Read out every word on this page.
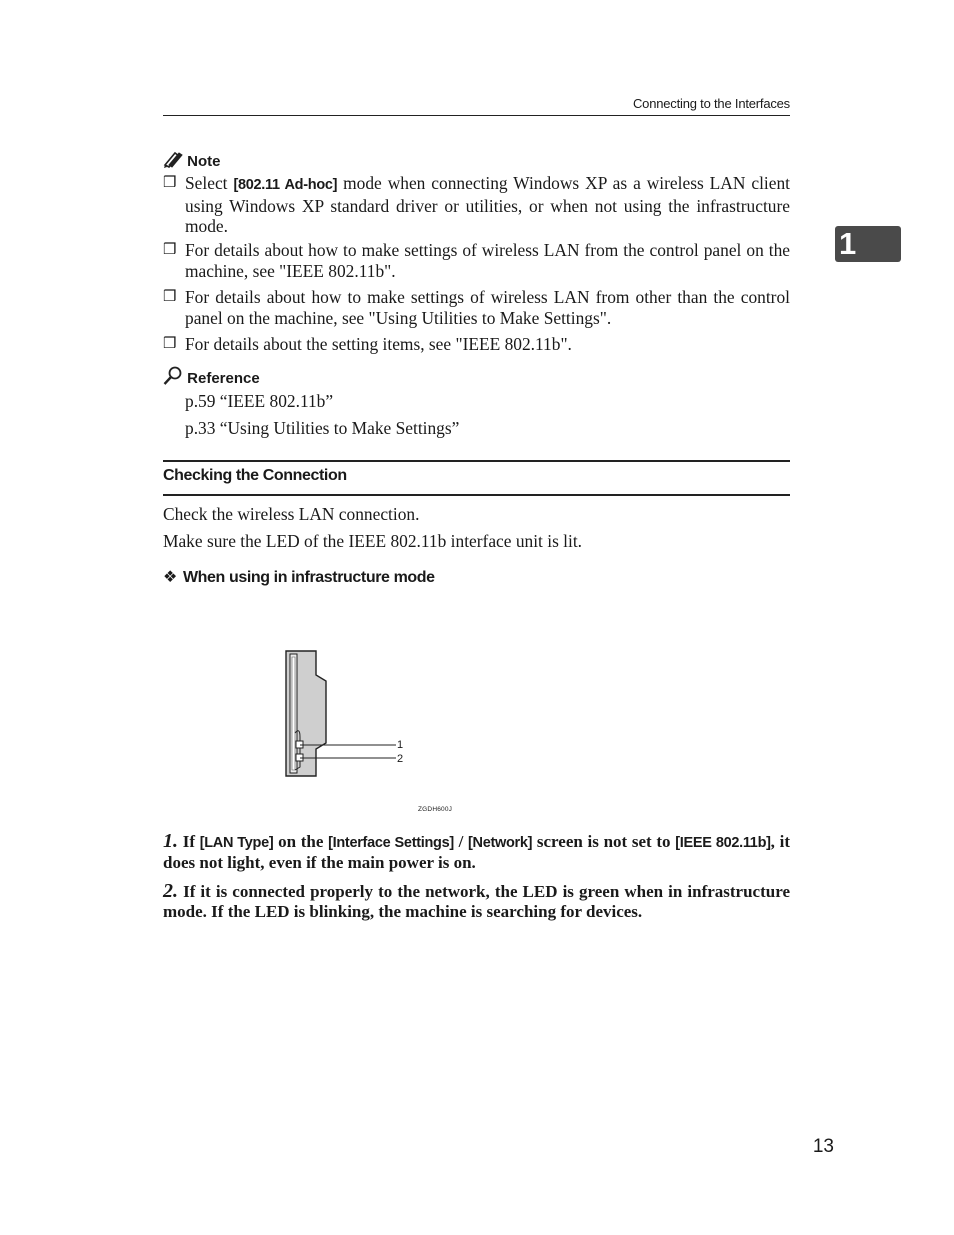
Connecting to the Interfaces
1
Note
❒ Select [802.11 Ad-hoc] mode when connecting Windows XP as a wireless LAN client using Windows XP standard driver or utilities, or when not using the infrastructure mode.
❒ For details about how to make settings of wireless LAN from the control panel on the machine, see "IEEE 802.11b".
❒ For details about how to make settings of wireless LAN from other than the control panel on the machine, see "Using Utilities to Make Settings".
❒ For details about the setting items, see "IEEE 802.11b".
Reference
p.59 “IEEE 802.11b”
p.33 “Using Utilities to Make Settings”
Checking the Connection
Check the wireless LAN connection.
Make sure the LED of the IEEE 802.11b interface unit is lit.
❖ When using in infrastructure mode
1
2
ZGDH600J
1. If [LAN Type] on the [Interface Settings] / [Network] screen is not set to [IEEE 802.11b], it does not light, even if the main power is on.
2. If it is connected properly to the network, the LED is green when in infrastructure mode. If the LED is blinking, the machine is searching for devices.
13
